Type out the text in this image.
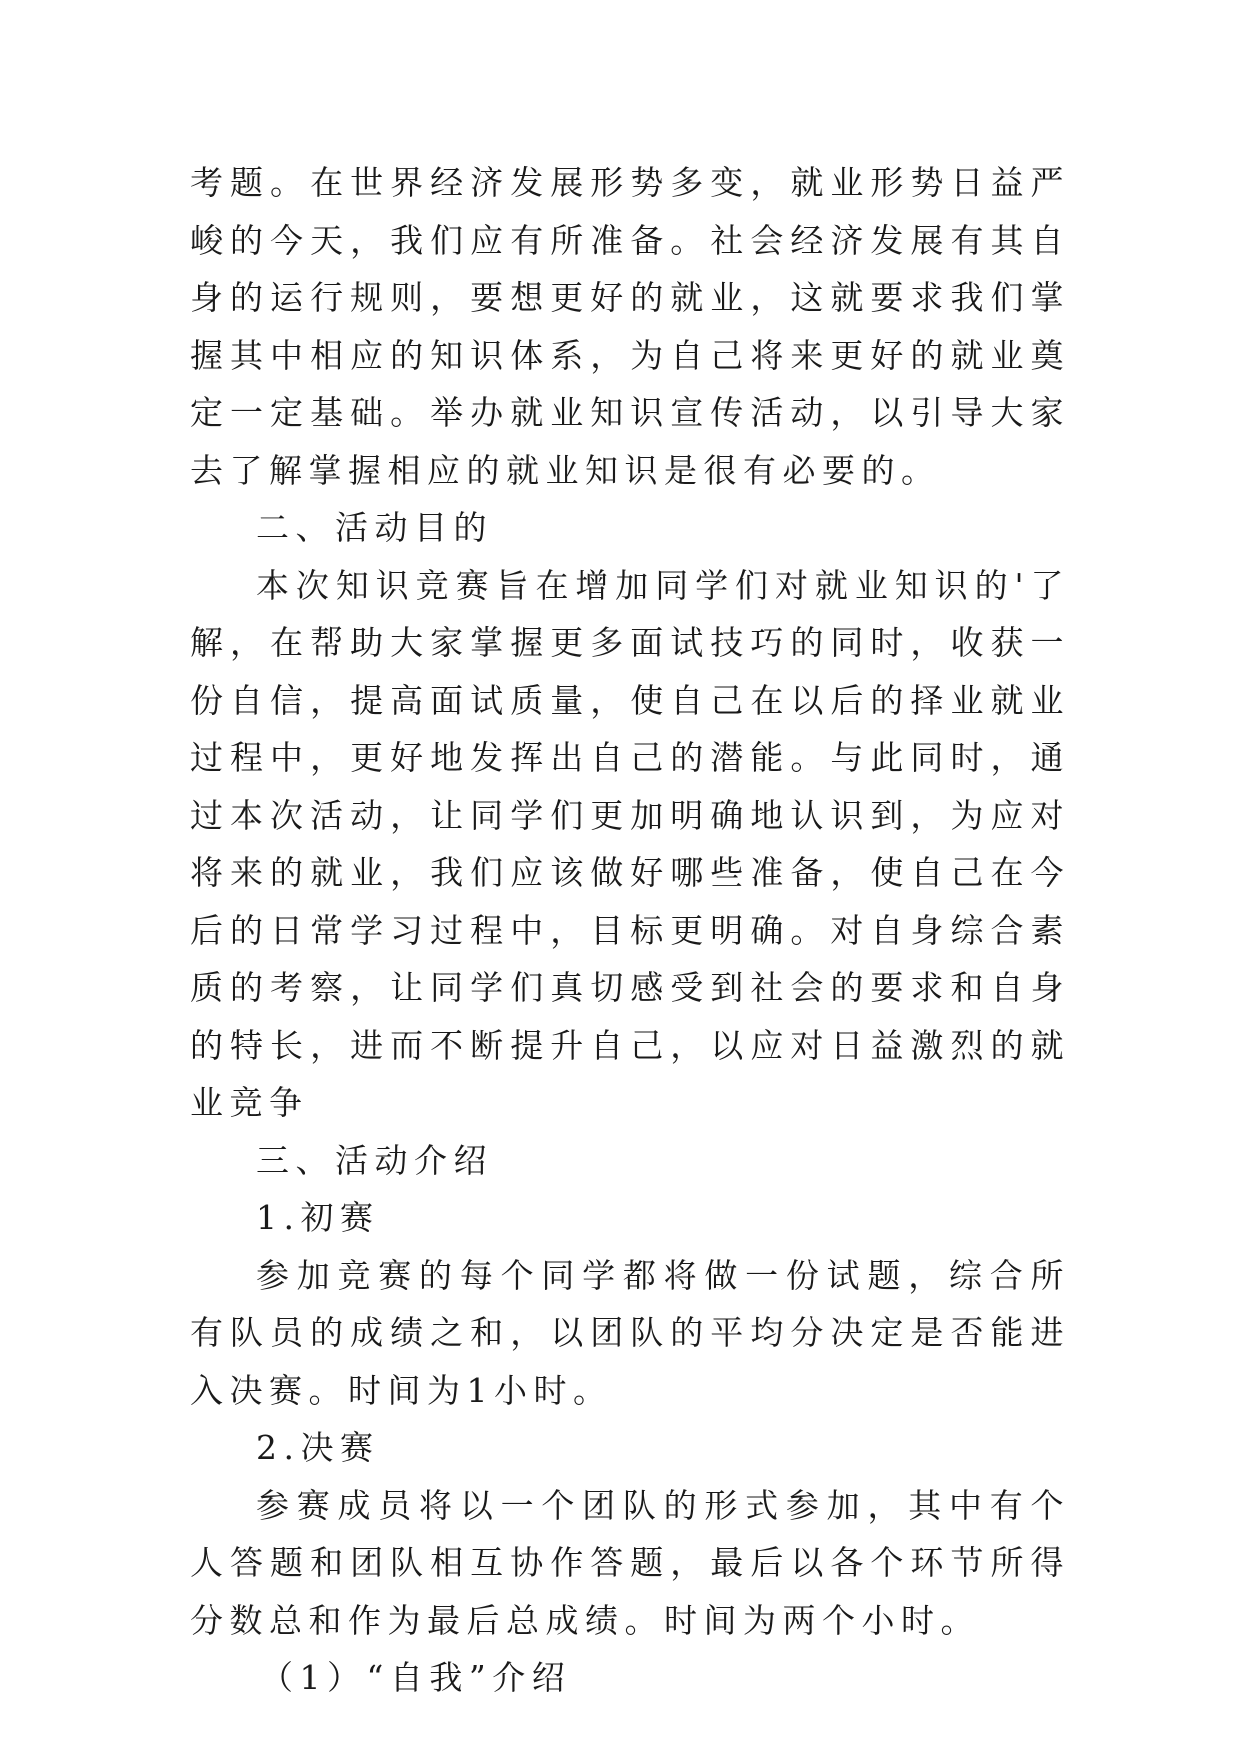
考题。在世界经济发展形势多变，就业形势日益严峻的今天，我们应有所准备。社会经济发展有其自身的运行规则，要想更好的就业，这就要求我们掌握其中相应的知识体系，为自己将来更好的就业奠定一定基础。举办就业知识宣传活动，以引导大家去了解掌握相应的就业知识是很有必要的。

二、活动目的

本次知识竞赛旨在增加同学们对就业知识的'了解，在帮助大家掌握更多面试技巧的同时，收获一份自信，提高面试质量，使自己在以后的择业就业过程中，更好地发挥出自己的潜能。与此同时，通过本次活动，让同学们更加明确地认识到，为应对将来的就业，我们应该做好哪些准备，使自己在今后的日常学习过程中，目标更明确。对自身综合素质的考察，让同学们真切感受到社会的要求和自身的特长，进而不断提升自己，以应对日益激烈的就业竞争

三、活动介绍

1.初赛

参加竞赛的每个同学都将做一份试题，综合所有队员的成绩之和，以团队的平均分决定是否能进入决赛。时间为1小时。

2.决赛

参赛成员将以一个团队的形式参加，其中有个人答题和团队相互协作答题，最后以各个环节所得分数总和作为最后总成绩。时间为两个小时。

（1）“自我”介绍
